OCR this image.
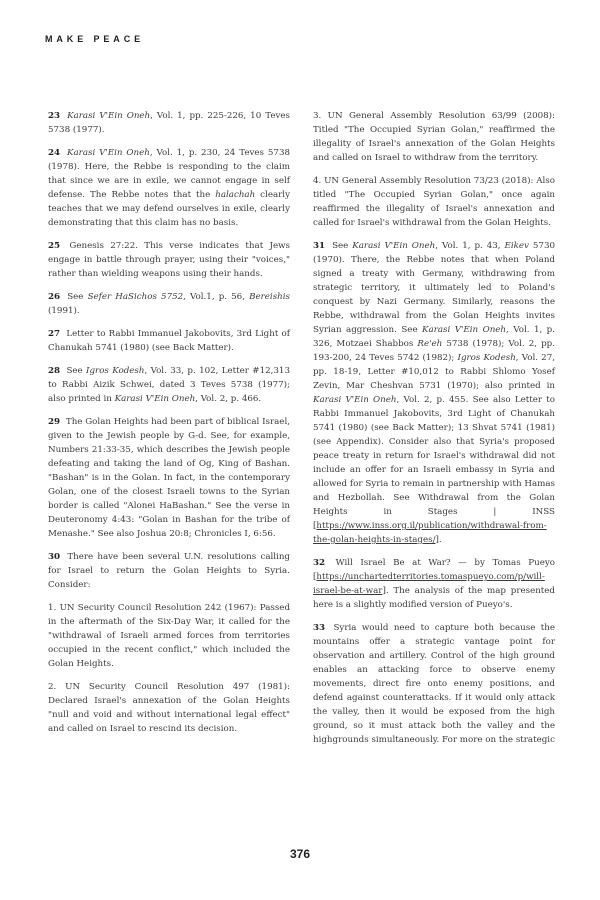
MAKE PEACE

23 Karasi V'Ein Oneh, Vol. 1, pp. 225-226, 10 Teves 5738 (1977).

24 Karasi V'Ein Oneh, Vol. 1, p. 230, 24 Teves 5738 (1978). Here, the Rebbe is responding to the claim that since we are in exile, we cannot engage in self defense. The Rebbe notes that the halachah clearly teaches that we may defend ourselves in exile, clearly demonstrating that this claim has no basis.

25 Genesis 27:22. This verse indicates that Jews engage in battle through prayer, using their "voices," rather than wielding weapons using their hands.

26 See Sefer HaSichos 5752, Vol.1, p. 56, Bereishis (1991).

27 Letter to Rabbi Immanuel Jakobovits, 3rd Light of Chanukah 5741 (1980) (see Back Matter).

28 See Igros Kodesh, Vol. 33, p. 102, Letter #12,313 to Rabbi Aizik Schwei, dated 3 Teves 5738 (1977); also printed in Karasi V'Ein Oneh, Vol. 2, p. 466.

29 The Golan Heights had been part of biblical Israel, given to the Jewish people by G-d. See, for example, Numbers 21:33-35, which describes the Jewish people defeating and taking the land of Og, King of Bashan. "Bashan" is in the Golan. In fact, in the contemporary Golan, one of the closest Israeli towns to the Syrian border is called "Alonei HaBashan." See the verse in Deuteronomy 4:43: "Golan in Bashan for the tribe of Menashe." See also Joshua 20:8; Chronicles I, 6:56.

30 There have been several U.N. resolutions calling for Israel to return the Golan Heights to Syria. Consider:

1. UN Security Council Resolution 242 (1967): Passed in the aftermath of the Six-Day War, it called for the "withdrawal of Israeli armed forces from territories occupied in the recent conflict," which included the Golan Heights.

2. UN Security Council Resolution 497 (1981): Declared Israel's annexation of the Golan Heights "null and void and without international legal effect" and called on Israel to rescind its decision.

3. UN General Assembly Resolution 63/99 (2008): Titled "The Occupied Syrian Golan," reaffirmed the illegality of Israel's annexation of the Golan Heights and called on Israel to withdraw from the territory.

4. UN General Assembly Resolution 73/23 (2018): Also titled "The Occupied Syrian Golan," once again reaffirmed the illegality of Israel's annexation and called for Israel's withdrawal from the Golan Heights.

31 See Karasi V'Ein Oneh, Vol. 1, p. 43, Eikev 5730 (1970). There, the Rebbe notes that when Poland signed a treaty with Germany, withdrawing from strategic territory, it ultimately led to Poland's conquest by Nazi Germany. Similarly, reasons the Rebbe, withdrawal from the Golan Heights invites Syrian aggression. See Karasi V'Ein Oneh, Vol. 1, p. 326, Motzaei Shabbos Re'eh 5738 (1978); Vol. 2, pp. 193-200, 24 Teves 5742 (1982); Igros Kodesh, Vol. 27, pp. 18-19, Letter #10,012 to Rabbi Shlomo Yosef Zevin, Mar Cheshvan 5731 (1970); also printed in Karasi V'Ein Oneh, Vol. 2, p. 455. See also Letter to Rabbi Immanuel Jakobovits, 3rd Light of Chanukah 5741 (1980) (see Back Matter); 13 Shvat 5741 (1981) (see Appendix). Consider also that Syria's proposed peace treaty in return for Israel's withdrawal did not include an offer for an Israeli embassy in Syria and allowed for Syria to remain in partnership with Hamas and Hezbollah. See Withdrawal from the Golan Heights in Stages | INSS [https://www.inss.org.il/publication/withdrawal-from-the-golan-heights-in-stages/].

32 Will Israel Be at War? — by Tomas Pueyo [https://unchartedterritories.tomaspueyo.com/p/will-israel-be-at-war]. The analysis of the map presented here is a slightly modified version of Pueyo's.

33 Syria would need to capture both because the mountains offer a strategic vantage point for observation and artillery. Control of the high ground enables an attacking force to observe enemy movements, direct fire onto enemy positions, and defend against counterattacks. If it would only attack the valley, then it would be exposed from the high ground, so it must attack both the valley and the highgrounds simultaneously. For more on the strategic

376
